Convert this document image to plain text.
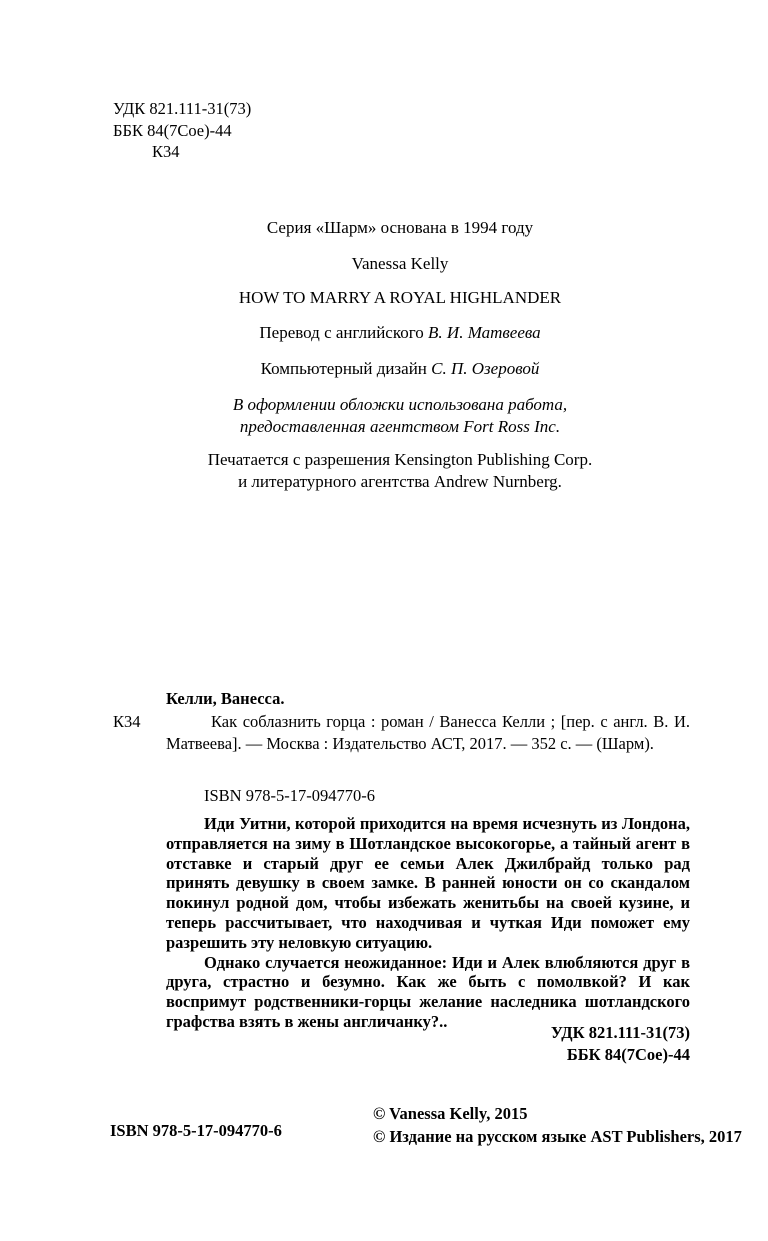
УДК 821.111-31(73)
ББК 84(7Сое)-44
К34
Серия «Шарм» основана в 1994 году
Vanessa Kelly
HOW TO MARRY A ROYAL HIGHLANDER
Перевод с английского В. И. Матвеева
Компьютерный дизайн С. П. Озеровой
В оформлении обложки использована работа,
предоставленная агентством Fort Ross Inc.
Печатается с разрешения Kensington Publishing Corp.
и литературного агентства Andrew Nurnberg.
Келли, Ванесса.
К34	Как соблазнить горца : роман / Ванесса Келли ; [пер. с англ. В. И. Матвеева]. — Москва : Издательство АСТ, 2017. — 352 с. — (Шарм).
ISBN 978-5-17-094770-6

Иди Уитни, которой приходится на время исчезнуть из Лондона, отправляется на зиму в Шотландское высокогорье, а тайный агент в отставке и старый друг ее семьи Алек Джилбрайд только рад принять девушку в своем замке. В ранней юности он со скандалом покинул родной дом, чтобы избежать женитьбы на своей кузине, и теперь рассчитывает, что находчивая и чуткая Иди поможет ему разрешить эту неловкую ситуацию.

Однако случается неожиданное: Иди и Алек влюбляются друг в друга, страстно и безумно. Как же быть с помолвкой? И как воспримут родственники-горцы желание наследника шотландского графства взять в жены англичанку?..

УДК 821.111-31(73)
ББК 84(7Сое)-44
ISBN 978-5-17-094770-6
© Vanessa Kelly, 2015
© Издание на русском языке AST Publishers, 2017
